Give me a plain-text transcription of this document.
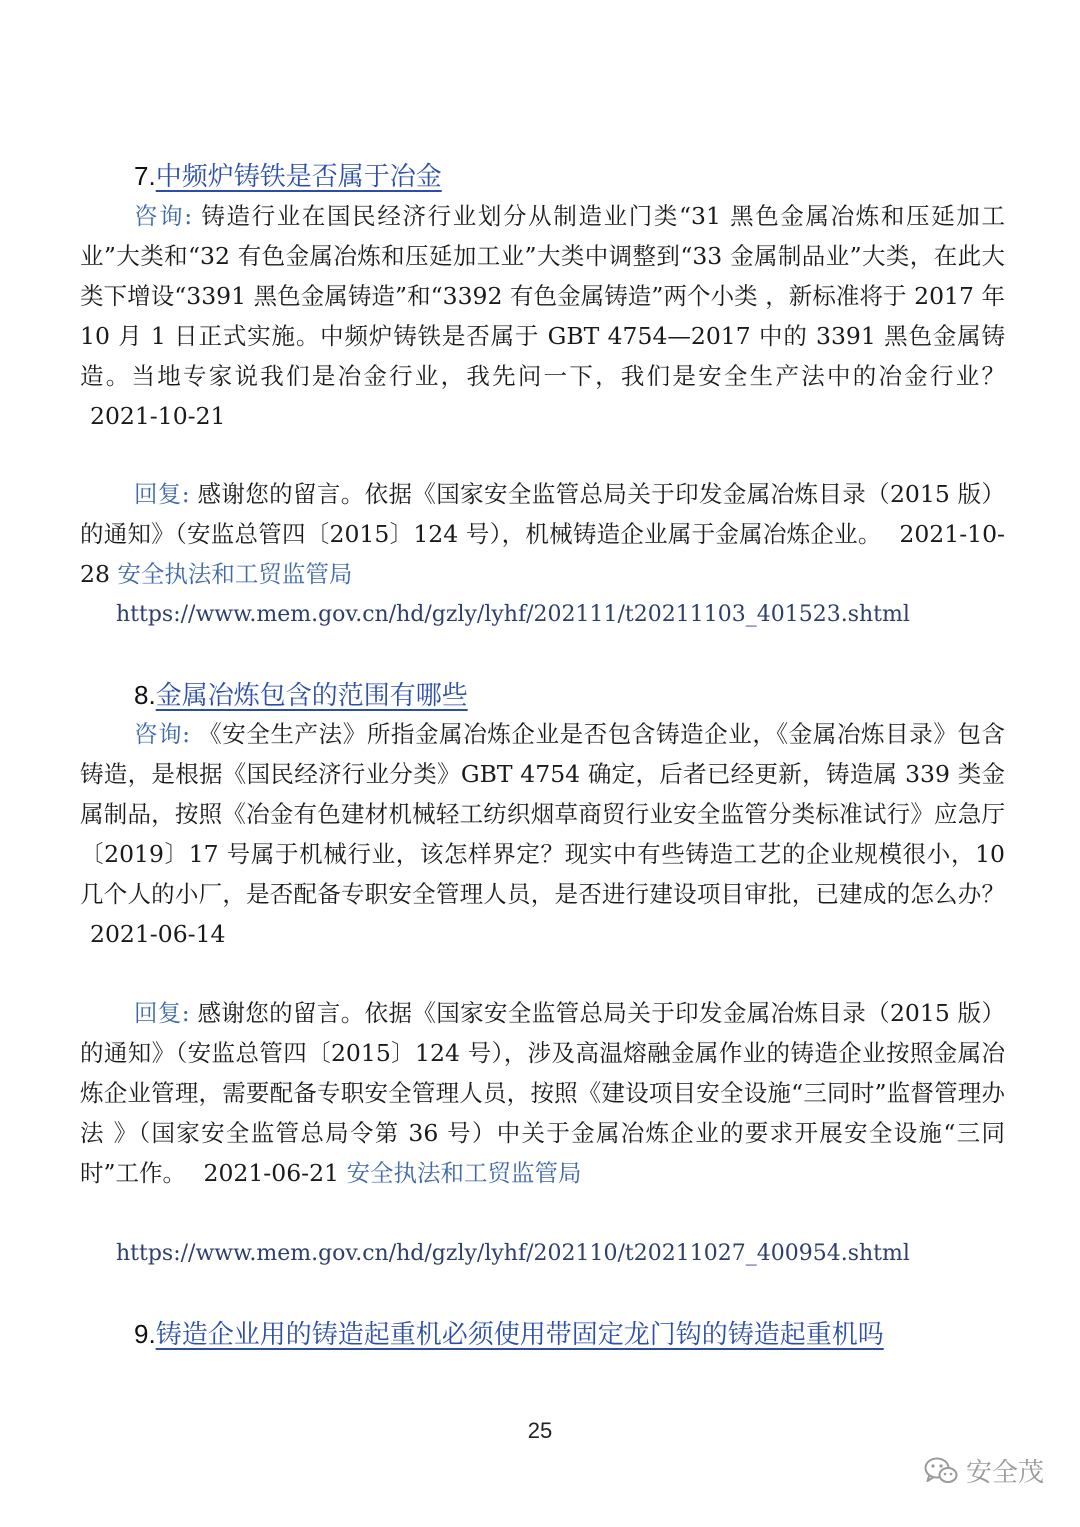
7.中频炉铸铁是否属于冶金

咨询: 铸造行业在国民经济行业划分从制造业门类“31 黑色金属冶炼和压延加工业”大类和“32 有色金属冶炼和压延加工业”大类中调整到“33 金属制品业”大类，在此大类下增设“3391 黑色金属铸造”和“3392 有色金属铸造”两个小类 ，新标准将于 2017 年 10 月 1 日正式实施。中频炉铸铁是否属于 GBT 4754—2017 中的 3391 黑色金属铸造。当地专家说我们是冶金行业，我先问一下，我们是安全生产法中的冶金行业？ 2021-10-21

回复: 感谢您的留言。依据《国家安全监管总局关于印发金属冶炼目录（2015 版）的通知》（安监总管四〔2015〕124 号），机械铸造企业属于金属冶炼企业。 2021-10-28 安全执法和工贸监管局

https://www.mem.gov.cn/hd/gzly/lyhf/202111/t20211103_401523.shtml
8.金属冶炼包含的范围有哪些

咨询: 《安全生产法》所指金属冶炼企业是否包含铸造企业，《金属冶炼目录》包含铸造，是根据《国民经济行业分类》GBT 4754 确定，后者已经更新，铸造属 339 类金属制品，按照《冶金有色建材机械轻工纺织烟草商贸行业安全监管分类标准试行》应急厅〔2019〕17 号属于机械行业，该怎样界定？现实中有些铸造工艺的企业规模很小，10 几个人的小厂，是否配备专职安全管理人员，是否进行建设项目审批，已建成的怎么办？ 2021-06-14

回复: 感谢您的留言。依据《国家安全监管总局关于印发金属冶炼目录（2015 版）的通知》（安监总管四〔2015〕124 号），涉及高温熔融金属作业的铸造企业按照金属冶炼企业管理，需要配备专职安全管理人员，按照《建设项目安全设施“三同时”监督管理办法 》（国家安全监管总局令第 36 号）中关于金属冶炼企业的要求开展安全设施“三同时”工作。 2021-06-21 安全执法和工贸监管局

https://www.mem.gov.cn/hd/gzly/lyhf/202110/t20211027_400954.shtml
9.铸造企业用的铸造起重机必须使用带固定龙门钩的铸造起重机吗
25
安全茂
